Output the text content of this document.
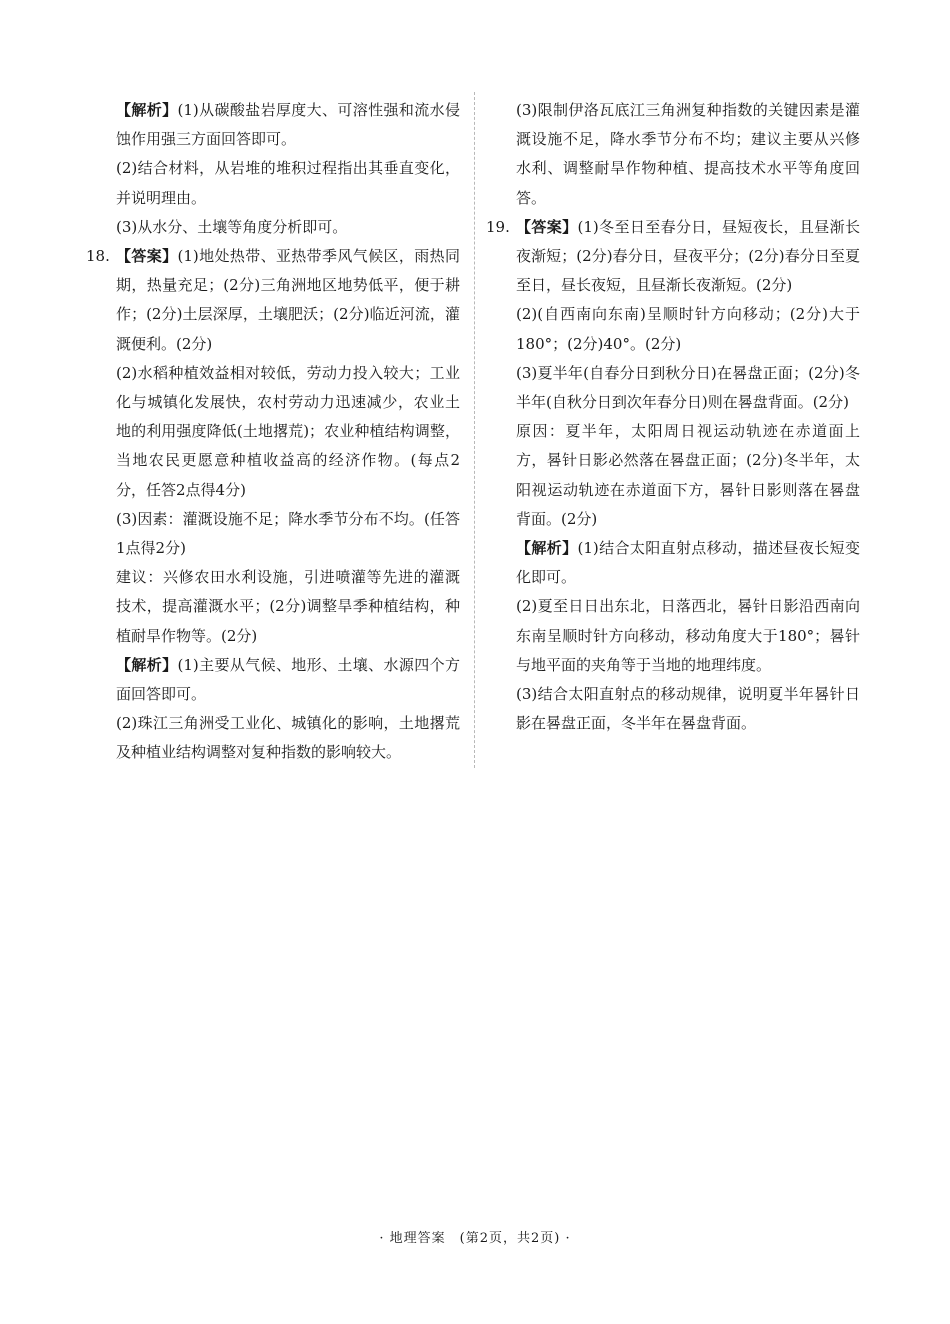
【解析】(1)从碳酸盐岩厚度大、可溶性强和流水侵蚀作用强三方面回答即可。

(2)结合材料，从岩堆的堆积过程指出其垂直变化，并说明理由。

(3)从水分、土壤等角度分析即可。

18. 【答案】(1)地处热带、亚热带季风气候区，雨热同期，热量充足；(2分)三角洲地区地势低平，便于耕作；(2分)土层深厚，土壤肥沃；(2分)临近河流，灌溉便利。(2分)

(2)水稻种植效益相对较低，劳动力投入较大；工业化与城镇化发展快，农村劳动力迅速减少，农业土地的利用强度降低(土地撂荒)；农业种植结构调整，当地农民更愿意种植收益高的经济作物。(每点2分，任答2点得4分)

(3)因素：灌溉设施不足；降水季节分布不均。(任答1点得2分)

建议：兴修农田水利设施，引进喷灌等先进的灌溉技术，提高灌溉水平；(2分)调整旱季种植结构，种植耐旱作物等。(2分)

【解析】(1)主要从气候、地形、土壤、水源四个方面回答即可。

(2)珠江三角洲受工业化、城镇化的影响，土地撂荒及种植业结构调整对复种指数的影响较大。

(3)限制伊洛瓦底江三角洲复种指数的关键因素是灌溉设施不足，降水季节分布不均；建议主要从兴修水利、调整耐旱作物种植、提高技术水平等角度回答。

19. 【答案】(1)冬至日至春分日，昼短夜长，且昼渐长夜渐短；(2分)春分日，昼夜平分；(2分)春分日至夏至日，昼长夜短，且昼渐长夜渐短。(2分)

(2)(自西南向东南)呈顺时针方向移动；(2分)大于180°；(2分)40°。(2分)

(3)夏半年(自春分日到秋分日)在晷盘正面；(2分)冬半年(自秋分日到次年春分日)则在晷盘背面。(2分)

原因：夏半年，太阳周日视运动轨迹在赤道面上方，晷针日影必然落在晷盘正面；(2分)冬半年，太阳视运动轨迹在赤道面下方，晷针日影则落在晷盘背面。(2分)

【解析】(1)结合太阳直射点移动，描述昼夜长短变化即可。

(2)夏至日日出东北，日落西北，晷针日影沿西南向东南呈顺时针方向移动，移动角度大于180°；晷针与地平面的夹角等于当地的地理纬度。

(3)结合太阳直射点的移动规律，说明夏半年晷针日影在晷盘正面，冬半年在晷盘背面。

· 地理答案　(第2页，共2页) ·
